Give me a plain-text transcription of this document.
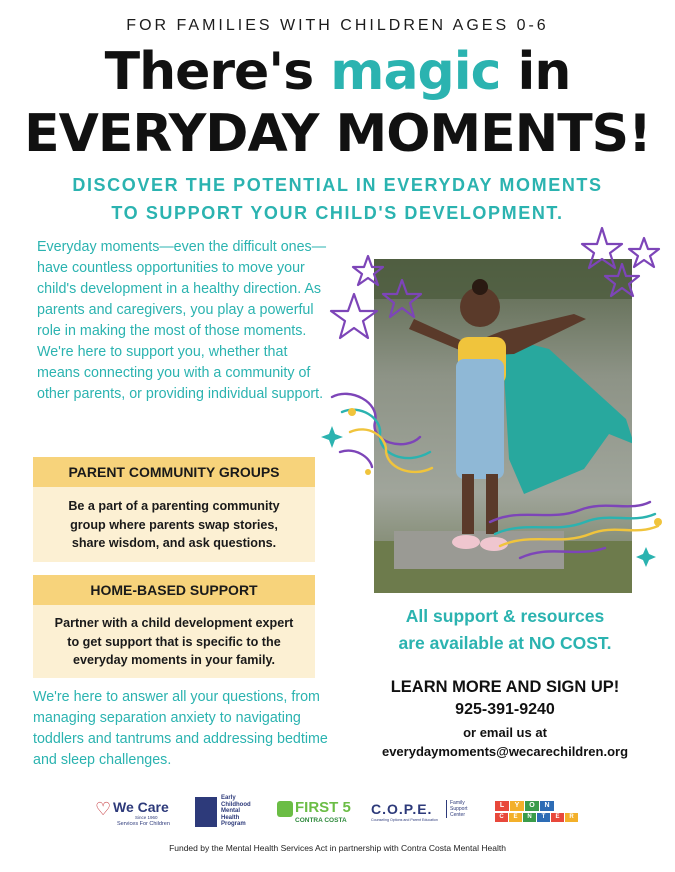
FOR FAMILIES WITH CHILDREN AGES 0-6
There's magic in
EVERYDAY MOMENTS!
DISCOVER THE POTENTIAL IN EVERYDAY MOMENTS
TO SUPPORT YOUR CHILD'S DEVELOPMENT.
Everyday moments—even the difficult ones—have countless opportunities to move your child's development in a healthy direction. As parents and caregivers, you play a powerful role in making the most of those moments. We're here to support you, whether that means connecting you with a community of other parents, or providing individual support.
PARENT COMMUNITY GROUPS
Be a part of a parenting community
group where parents swap stories,
share wisdom, and ask questions.
HOME-BASED SUPPORT
Partner with a child development expert
to get support that is specific to the
everyday moments in your family.
We're here to answer all your questions, from managing separation anxiety to navigating toddlers and tantrums and addressing bedtime and sleep challenges.
All support & resources
are available at NO COST.
LEARN MORE AND SIGN UP!
925-391-9240
or email us at
everydaymoments@wecarechildren.org
♡ We Care
Since 1960
Services For Children
Early
Childhood
Mental
Health
Program
FIRST 5
CONTRA COSTA
C.O.P.E.
Counseling Options and Parent Education
Family
Support
Center
L	Y	O	N
C	E	N	T	E	R
Funded by the Mental Health Services Act in partnership with Contra Costa Mental Health
